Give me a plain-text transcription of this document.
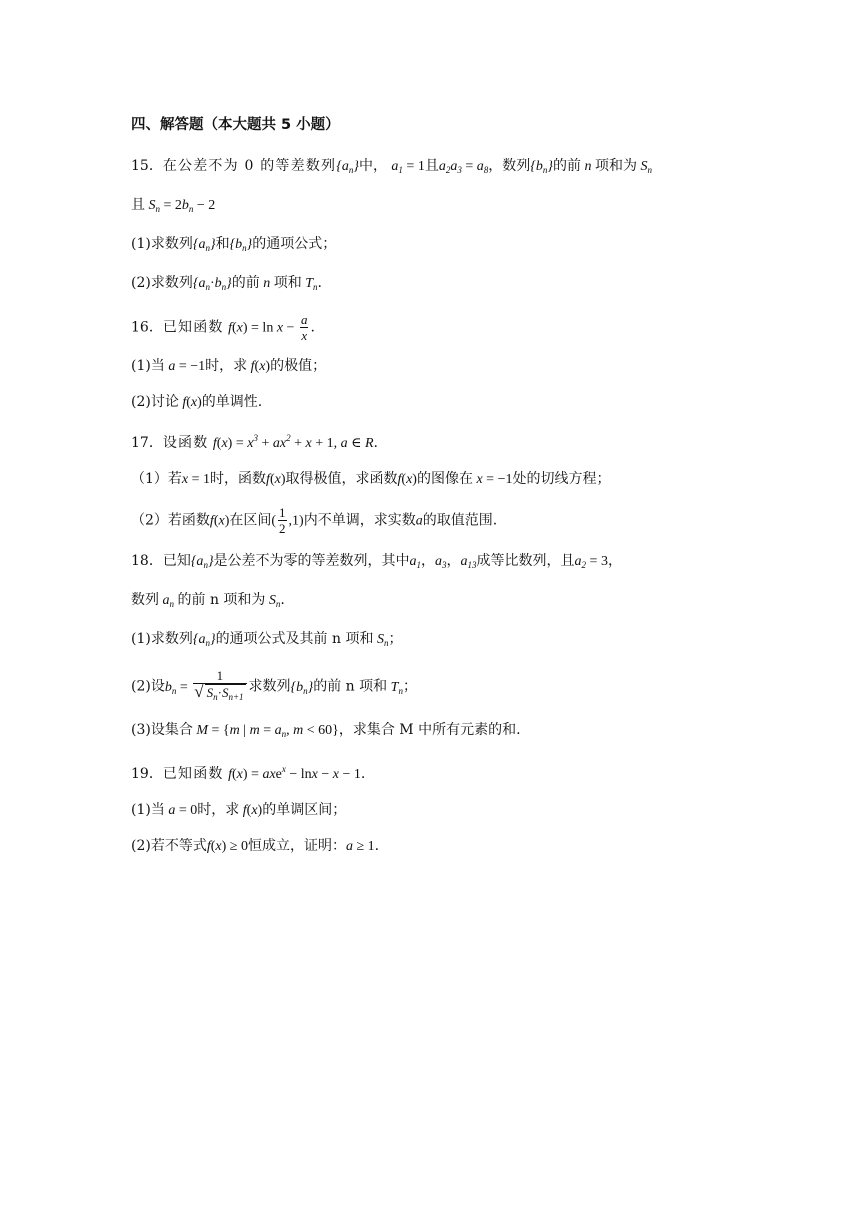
四、解答题（本大题共 5 小题）
15．在公差不为 0 的等差数列$\{a_n\}$中， $a_1 = 1$且$a_2a_3 = a_8$，数列$\{b_n\}$的前 n 项和为 $S_n$
且 $S_n = 2b_n - 2$
(1)求数列$\{a_n\}$和$\{b_n\}$的通项公式；
(2)求数列$\{a_n\cdot b_n\}$的前 n 项和 $T_n$.
16．已知函数 $f(x) = \ln x - \frac{a}{x}$ .
(1)当 a = −1时，求 f(x)的极值；
(2)讨论 f(x)的单调性.
17．设函数 $f(x) = x^3 + ax^2 + x + 1$, a ∈ R.
（1）若x = 1时，函数f(x)取得极值，求函数f(x)的图像在 x = −1处的切线方程；
（2）若函数f(x)在区间( $\frac{1}{2} ,1$)内不单调，求实数a的取值范围.
18．已知$\{a_n\}$是公差不为零的等差数列，其中$a_1$，$a_3$，$a_{13}$成等比数列，且$a_2 = 3$，
数列 $a_n$ 的前 n 项和为 $S_n$.
(1)求数列$\{a_n\}$的通项公式及其前 n 项和 $S_n$；
(2)设$b_n = \frac{1}{√ S_n\cdot S_{n+1}}$ 求数列$\{b_n\}$的前 n 项和 $T_n$；
(3)设集合 M = {m | $m = a_n$, m < 60}，求集合 M 中所有元素的和.
19．已知函数 f(x) = axe$^x$ − lnx − x − 1.
(1)当 a = 0时，求 f(x)的单调区间；
(2)若不等式f(x) ≥ 0恒成立，证明：a ≥ 1.
